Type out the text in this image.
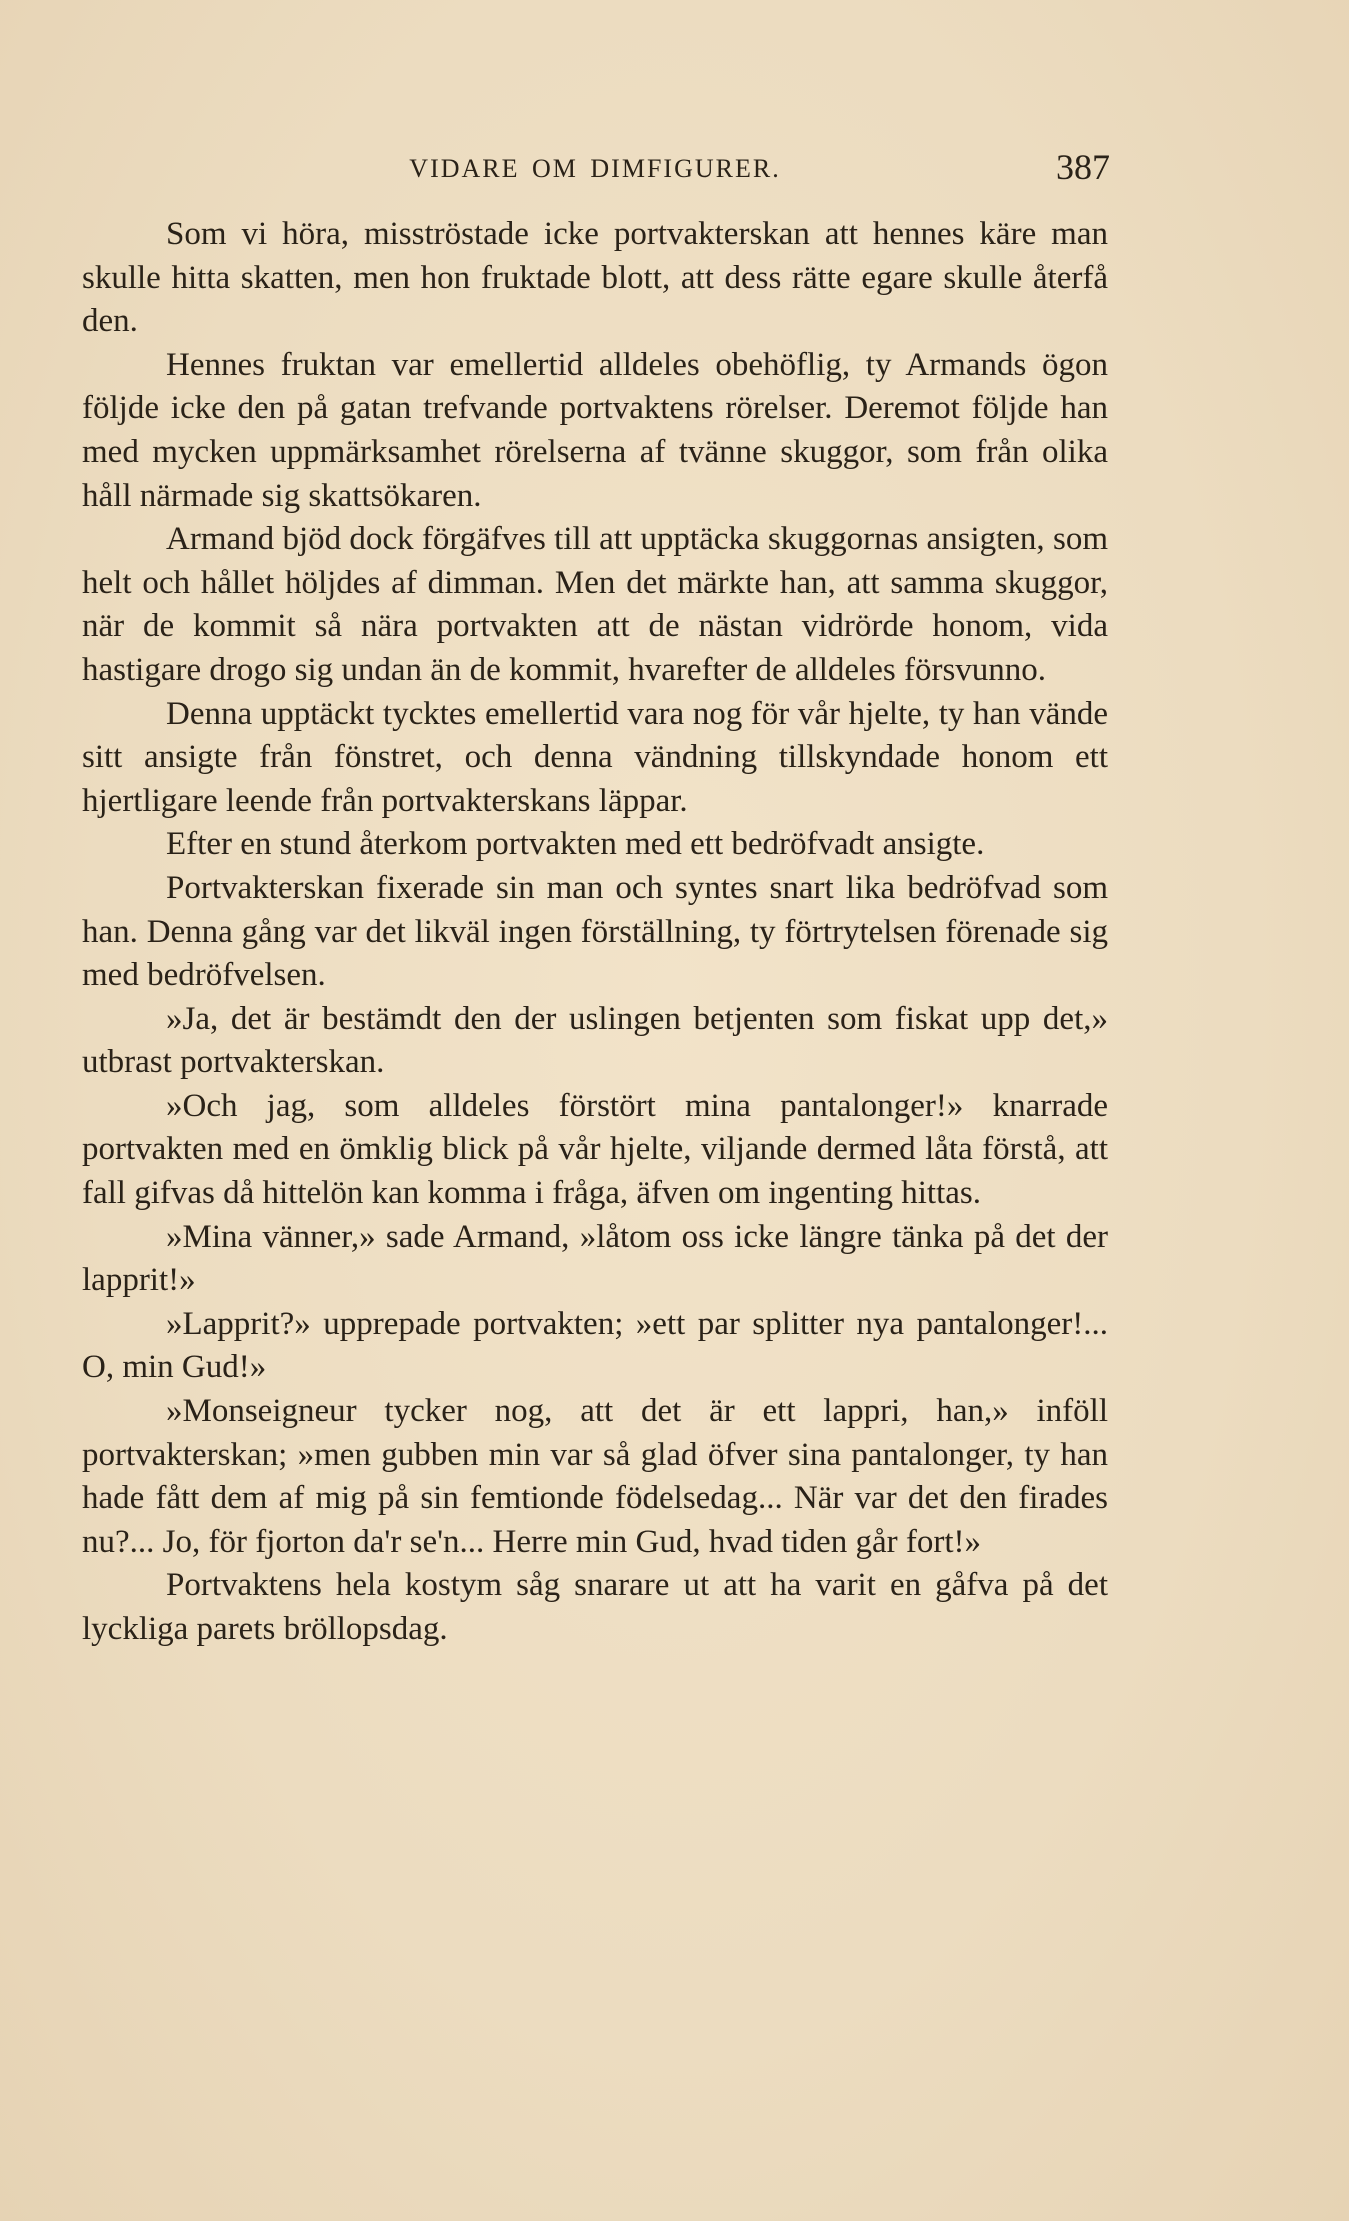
VIDARE OM DIMFIGURER.	387

Som vi höra, misströstade icke portvakterskan att hennes käre man skulle hitta skatten, men hon fruktade blott, att dess rätte egare skulle återfå den.

Hennes fruktan var emellertid alldeles obehöflig, ty Armands ögon följde icke den på gatan trefvande portvaktens rörelser. Deremot följde han med mycken uppmärksamhet rörelserna af tvänne skuggor, som från olika håll närmade sig skattsökaren.

Armand bjöd dock förgäfves till att upptäcka skuggornas ansigten, som helt och hållet höljdes af dimman. Men det märkte han, att samma skuggor, när de kommit så nära portvakten att de nästan vidrörde honom, vida hastigare drogo sig undan än de kommit, hvarefter de alldeles försvunno.

Denna upptäckt tycktes emellertid vara nog för vår hjelte, ty han vände sitt ansigte från fönstret, och denna vändning tillskyndade honom ett hjertligare leende från portvakterskans läppar.

Efter en stund återkom portvakten med ett bedröfvadt ansigte.

Portvakterskan fixerade sin man och syntes snart lika bedröfvad som han. Denna gång var det likväl ingen förställning, ty förtrytelsen förenade sig med bedröfvelsen.

»Ja, det är bestämdt den der uslingen betjenten som fiskat upp det,» utbrast portvakterskan.

»Och jag, som alldeles förstört mina pantalonger!» knarrade portvakten med en ömklig blick på vår hjelte, viljande dermed låta förstå, att fall gifvas då hittelön kan komma i fråga, äfven om ingenting hittas.

»Mina vänner,» sade Armand, »låtom oss icke längre tänka på det der lapprit!»

»Lapprit?» upprepade portvakten; »ett par splitter nya pantalonger!... O, min Gud!»

»Monseigneur tycker nog, att det är ett lappri, han,» inföll portvakterskan; »men gubben min var så glad öfver sina pantalonger, ty han hade fått dem af mig på sin femtionde födelsedag... När var det den firades nu?... Jo, för fjorton da'r se'n... Herre min Gud, hvad tiden går fort!»

Portvaktens hela kostym såg snarare ut att ha varit en gåfva på det lyckliga parets bröllopsdag.
